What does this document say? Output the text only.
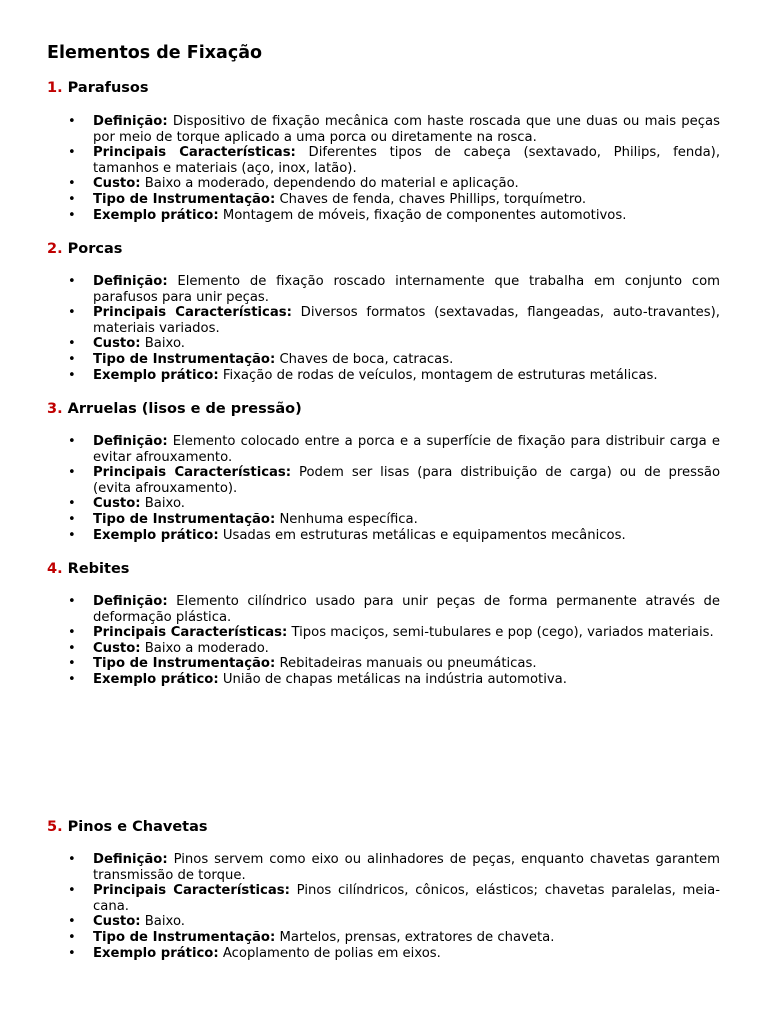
Elementos de Fixação
1. Parafusos
• Definição: Dispositivo de fixação mecânica com haste roscada que une duas ou mais peças por meio de torque aplicado a uma porca ou diretamente na rosca.
• Principais Características: Diferentes tipos de cabeça (sextavado, Philips, fenda), tamanhos e materiais (aço, inox, latão).
• Custo: Baixo a moderado, dependendo do material e aplicação.
• Tipo de Instrumentação: Chaves de fenda, chaves Phillips, torquímetro.
• Exemplo prático: Montagem de móveis, fixação de componentes automotivos.
2. Porcas
• Definição: Elemento de fixação roscado internamente que trabalha em conjunto com parafusos para unir peças.
• Principais Características: Diversos formatos (sextavadas, flangeadas, auto-travantes), materiais variados.
• Custo: Baixo.
• Tipo de Instrumentação: Chaves de boca, catracas.
• Exemplo prático: Fixação de rodas de veículos, montagem de estruturas metálicas.
3. Arruelas (lisos e de pressão)
• Definição: Elemento colocado entre a porca e a superfície de fixação para distribuir carga e evitar afrouxamento.
• Principais Características: Podem ser lisas (para distribuição de carga) ou de pressão (evita afrouxamento).
• Custo: Baixo.
• Tipo de Instrumentação: Nenhuma específica.
• Exemplo prático: Usadas em estruturas metálicas e equipamentos mecânicos.
4. Rebites
• Definição: Elemento cilíndrico usado para unir peças de forma permanente através de deformação plástica.
• Principais Características: Tipos maciços, semi-tubulares e pop (cego), variados materiais.
• Custo: Baixo a moderado.
• Tipo de Instrumentação: Rebitadeiras manuais ou pneumáticas.
• Exemplo prático: União de chapas metálicas na indústria automotiva.
5. Pinos e Chavetas
• Definição: Pinos servem como eixo ou alinhadores de peças, enquanto chavetas garantem transmissão de torque.
• Principais Características: Pinos cilíndricos, cônicos, elásticos; chavetas paralelas, meia-cana.
• Custo: Baixo.
• Tipo de Instrumentação: Martelos, prensas, extratores de chaveta.
• Exemplo prático: Acoplamento de polias em eixos.
